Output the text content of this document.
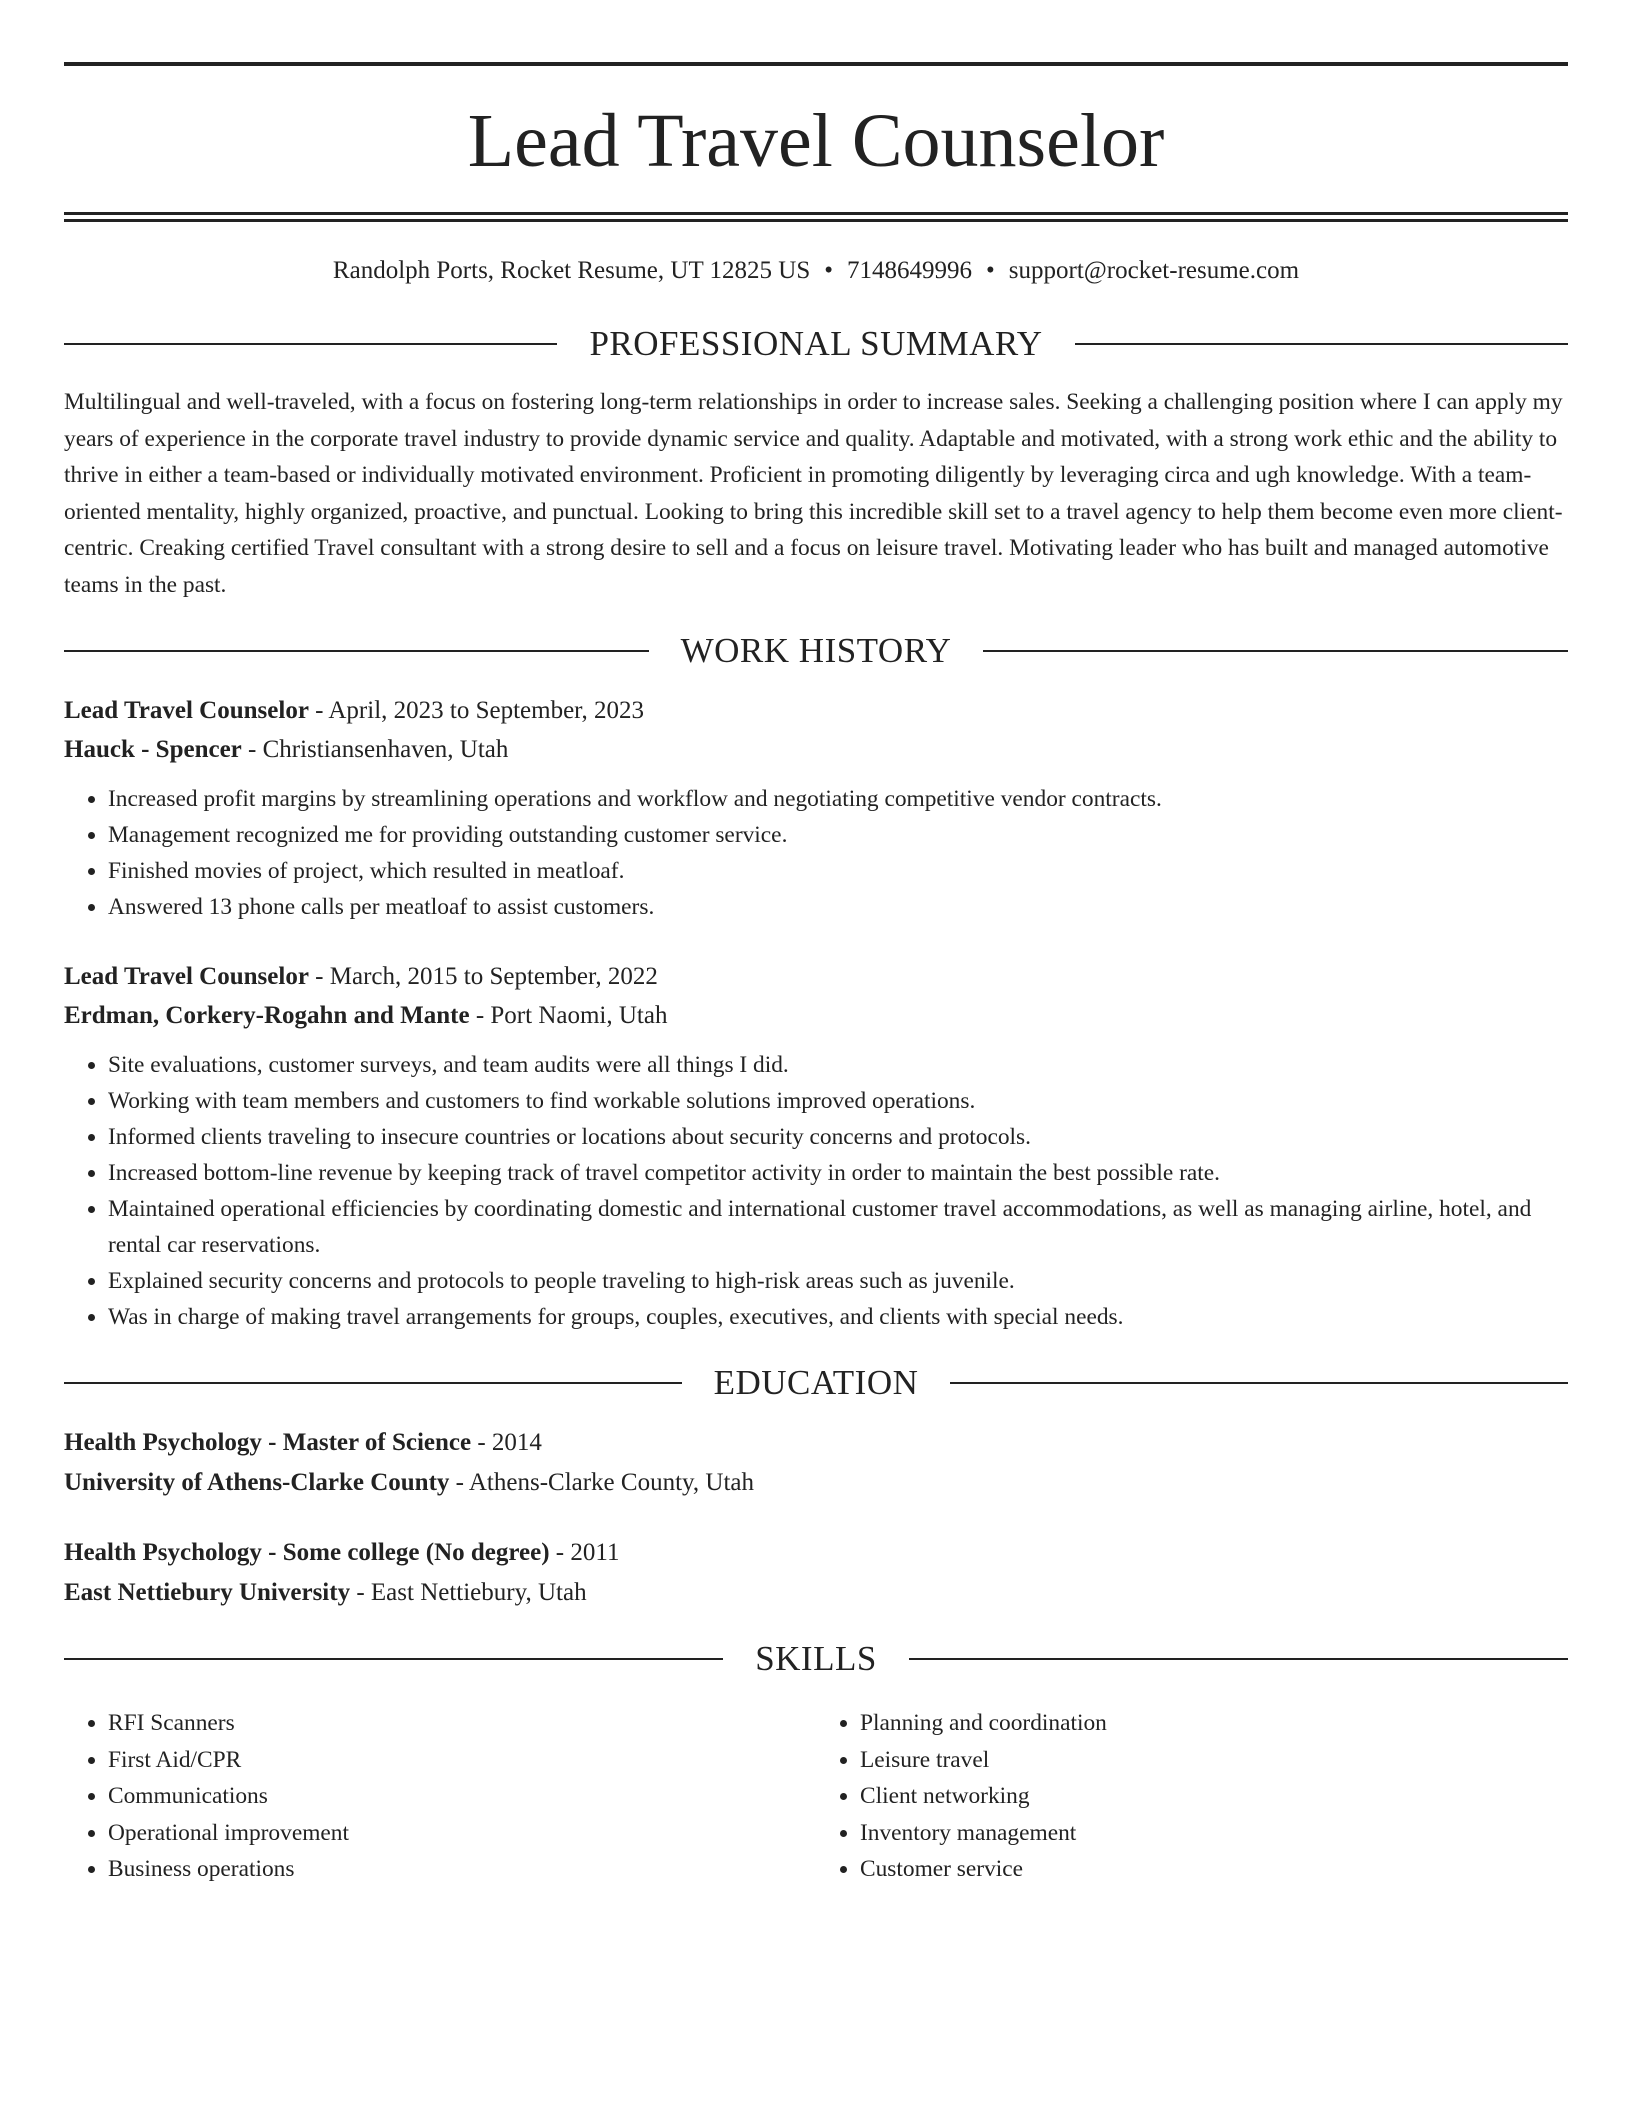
Lead Travel Counselor
Randolph Ports, Rocket Resume, UT 12825 US • 7148649996 • support@rocket-resume.com
PROFESSIONAL SUMMARY

Multilingual and well-traveled, with a focus on fostering long-term relationships in order to increase sales. Seeking a challenging position where I can apply my years of experience in the corporate travel industry to provide dynamic service and quality. Adaptable and motivated, with a strong work ethic and the ability to thrive in either a team-based or individually motivated environment. Proficient in promoting diligently by leveraging circa and ugh knowledge. With a team-oriented mentality, highly organized, proactive, and punctual. Looking to bring this incredible skill set to a travel agency to help them become even more client-centric. Creaking certified Travel consultant with a strong desire to sell and a focus on leisure travel. Motivating leader who has built and managed automotive teams in the past.

WORK HISTORY
Lead Travel Counselor - April, 2023 to September, 2023
Hauck - Spencer - Christiansenhaven, Utah
• Increased profit margins by streamlining operations and workflow and negotiating competitive vendor contracts.
• Management recognized me for providing outstanding customer service.
• Finished movies of project, which resulted in meatloaf.
• Answered 13 phone calls per meatloaf to assist customers.
Lead Travel Counselor - March, 2015 to September, 2022
Erdman, Corkery-Rogahn and Mante - Port Naomi, Utah
• Site evaluations, customer surveys, and team audits were all things I did.
• Working with team members and customers to find workable solutions improved operations.
• Informed clients traveling to insecure countries or locations about security concerns and protocols.
• Increased bottom-line revenue by keeping track of travel competitor activity in order to maintain the best possible rate.
• Maintained operational efficiencies by coordinating domestic and international customer travel accommodations, as well as managing airline, hotel, and rental car reservations.
• Explained security concerns and protocols to people traveling to high-risk areas such as juvenile.
• Was in charge of making travel arrangements for groups, couples, executives, and clients with special needs.
EDUCATION
Health Psychology - Master of Science - 2014
University of Athens-Clarke County - Athens-Clarke County, Utah
Health Psychology - Some college (No degree) - 2011
East Nettiebury University - East Nettiebury, Utah
SKILLS
• RFI Scanners
• First Aid/CPR
• Communications
• Operational improvement
• Business operations
• Planning and coordination
• Leisure travel
• Client networking
• Inventory management
• Customer service
